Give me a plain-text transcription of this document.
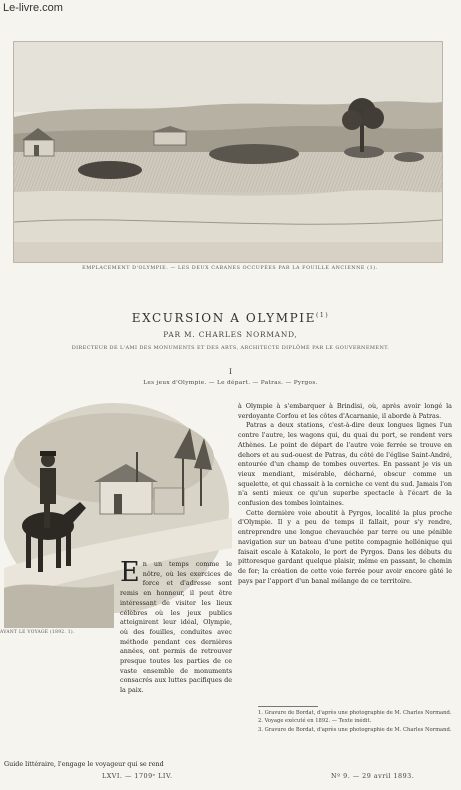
Le-livre.com
EMPLACEMENT D'OLYMPIE. — LES DEUX CABANES OCCUPÉES PAR LA FOUILLE ANCIENNE (1).
EXCURSION A OLYMPIE$^{(1)}$
PAR M. CHARLES NORMAND,
DIRECTEUR DE L'AMI DES MONUMENTS ET DES ARTS, ARCHITECTE DIPLÔMÉ PAR LE GOUVERNEMENT.
I
Les jeux d'Olympie. — Le départ. — Patras. — Pyrgos.

En un temps comme le nôtre, où les exercices de force et d'adresse sont remis en honneur, il peut être intéressant de visiter les lieux célèbres où les jeux publics atteignirent leur idéal, Olympie, où des fouilles, conduites avec méthode pendant ces dernières années, ont permis de retrouver presque toutes les parties de ce vaste ensemble de monuments consacrés aux luttes pacifiques de la paix.

AVANT LE VOYAGE (1892. 1).

Guide littéraire, l'engage le voyageur qui se rend

à Olympie à s'embarquer à Brindisi, où, après avoir longé la verdoyante Corfou et les côtes d'Acarnanie, il aborde à Patras.

Patras a deux stations, c'est-à-dire deux longues lignes l'un contre l'autre, les wagons qui, du quai du port, se rendent vers Athènes. Le point de départ de l'autre voie ferrée se trouve en dehors et au sud-ouest de Patras, du côté de l'église Saint-André, entourée d'un champ de tombes ouvertes. En passant je vis un vieux mendiant, misérable, décharné, obscur comme un squelette, et qui chassait à la corniche ce vent du sud. Jamais l'on n'a senti mieux ce qu'un superbe spectacle à l'écart de la confusion des tombes lointaines.

Cette dernière voie aboutit à Pyrgos, localité la plus proche d'Olympie. Il y a peu de temps il fallait, pour s'y rendre, entreprendre une longue chevauchée par terre ou une pénible navigation sur un bateau d'une petite compagnie hellénique qui faisait escale à Katakolo, le port de Pyrgos. Dans les débuts du pittoresque gardant quelque plaisir, même en passant, le chemin de fer; la création de cette voie ferrée pour avoir encore gâté le pays par l'apport d'un banal mélange de ce territoire.

1. Gravure de Bordat, d'après une photographie de M. Charles Normand.
2. Voyage exécuté en 1892. — Texte inédit.
3. Gravure de Bordat, d'après une photographie de M. Charles Normand.
LXVI. — 1709ᵉ LIV.	Nº 9. — 29 avril 1893.
